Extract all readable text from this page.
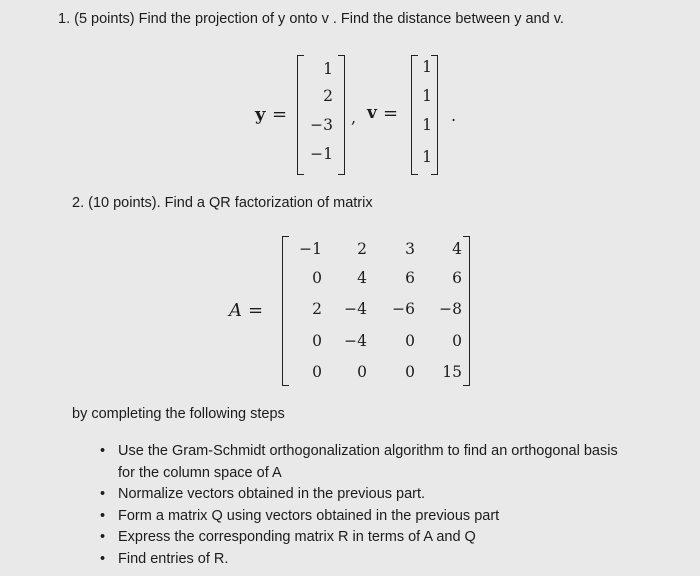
1. (5 points) Find the projection of y onto v . Find the distance between y and v.
y =
1
2
−3
−1
, v =
1
1
1
1
.
2. (10 points). Find a QR factorization of matrix
A =
−1	2	3	4
0	4	6	6
2	−4	−6	−8
0	−4	0	0
0	0	0	15
by completing the following steps
• Use the Gram-Schmidt orthogonalization algorithm to find an orthogonal basis for the column space of A
• Normalize vectors obtained in the previous part.
• Form a matrix Q using vectors obtained in the previous part
• Express the corresponding matrix R in terms of A and Q
• Find entries of R.
